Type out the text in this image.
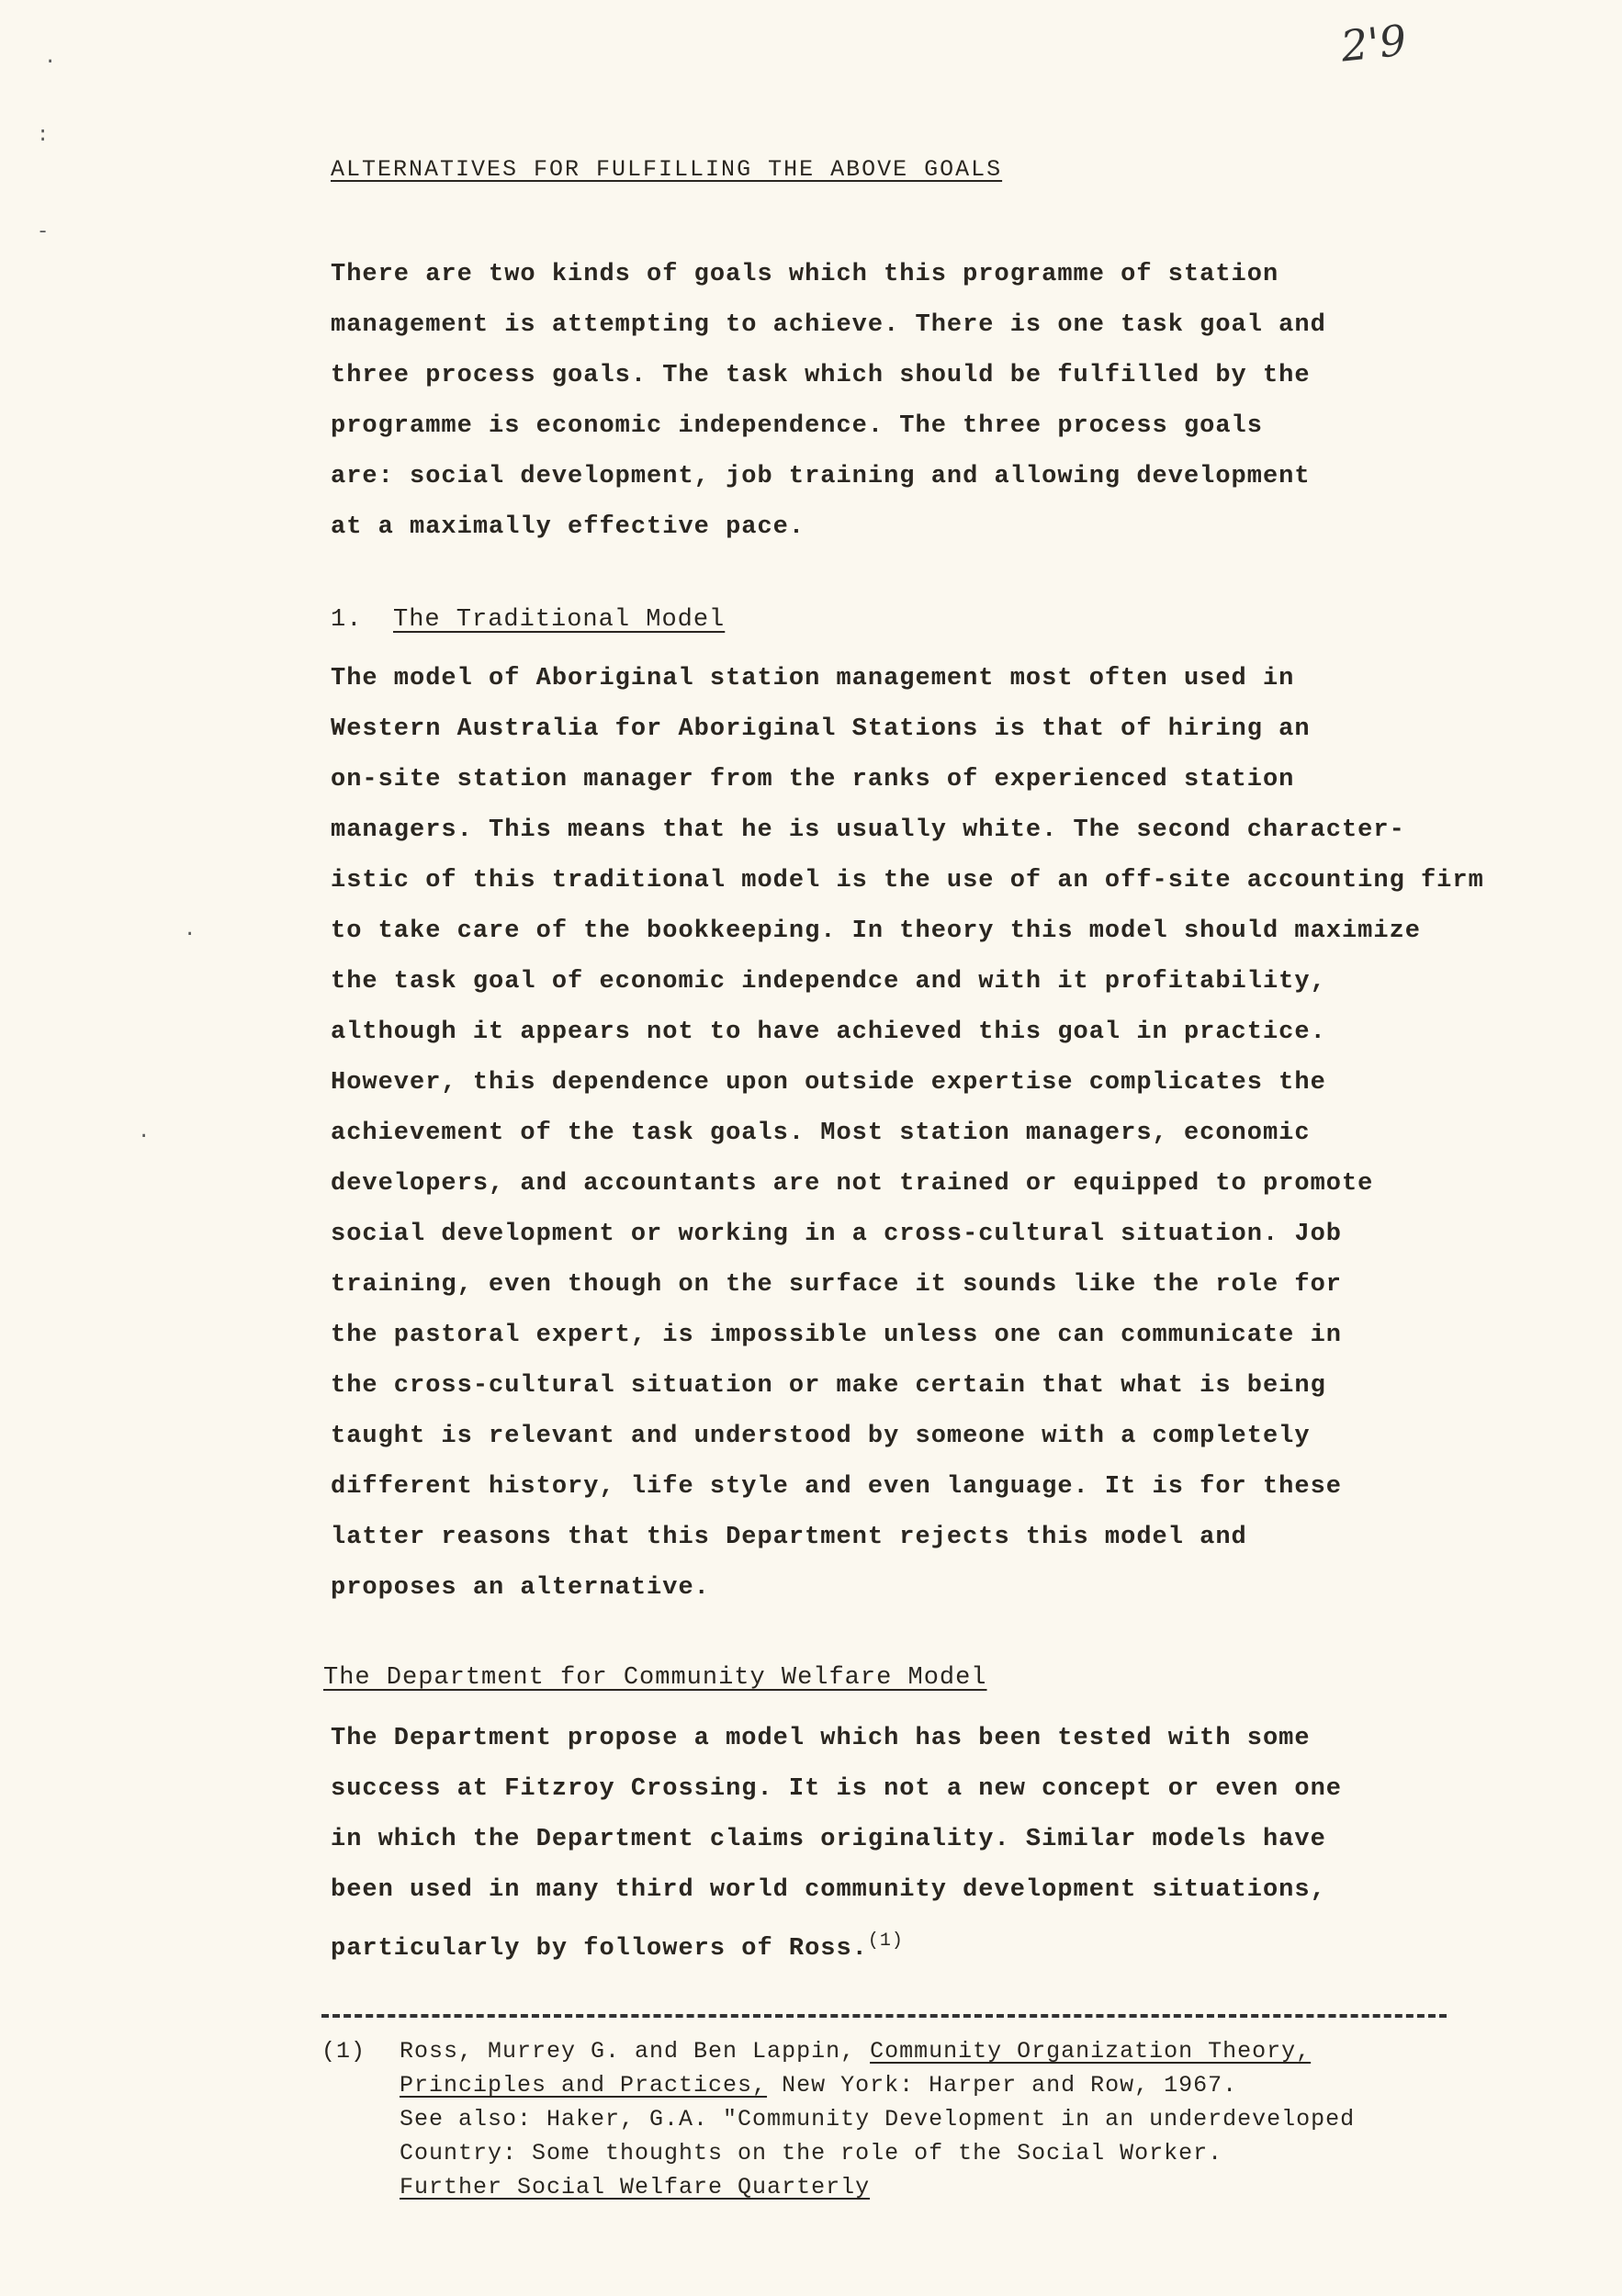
2'9
.
:
-
.
.
ALTERNATIVES FOR FULFILLING THE ABOVE GOALS
There are two kinds of goals which this programme of station
management is attempting to achieve. There is one task goal and
three process goals. The task which should be fulfilled by the
programme is economic independence. The three process goals
are: social development, job training and allowing development
at a maximally effective pace.
1. The Traditional Model
The model of Aboriginal station management most often used in
Western Australia for Aboriginal Stations is that of hiring an
on-site station manager from the ranks of experienced station
managers. This means that he is usually white. The second character-
istic of this traditional model is the use of an off-site accounting firm
to take care of the bookkeeping. In theory this model should maximize
the task goal of economic independce and with it profitability,
although it appears not to have achieved this goal in practice.
However, this dependence upon outside expertise complicates the
achievement of the task goals. Most station managers, economic
developers, and accountants are not trained or equipped to promote
social development or working in a cross-cultural situation. Job
training, even though on the surface it sounds like the role for
the pastoral expert, is impossible unless one can communicate in
the cross-cultural situation or make certain that what is being
taught is relevant and understood by someone with a completely
different history, life style and even language. It is for these
latter reasons that this Department rejects this model and
proposes an alternative.
The Department for Community Welfare Model
The Department propose a model which has been tested with some
success at Fitzroy Crossing. It is not a new concept or even one
in which the Department claims originality. Similar models have
been used in many third world community development situations,
particularly by followers of Ross.$^{(1)}$
(1) Ross, Murrey G. and Ben Lappin, Community Organization Theory,
Principles and Practices, New York: Harper and Row, 1967.
See also: Haker, G.A. "Community Development in an underdeveloped
Country: Some thoughts on the role of the Social Worker.
Further Social Welfare Quarterly
